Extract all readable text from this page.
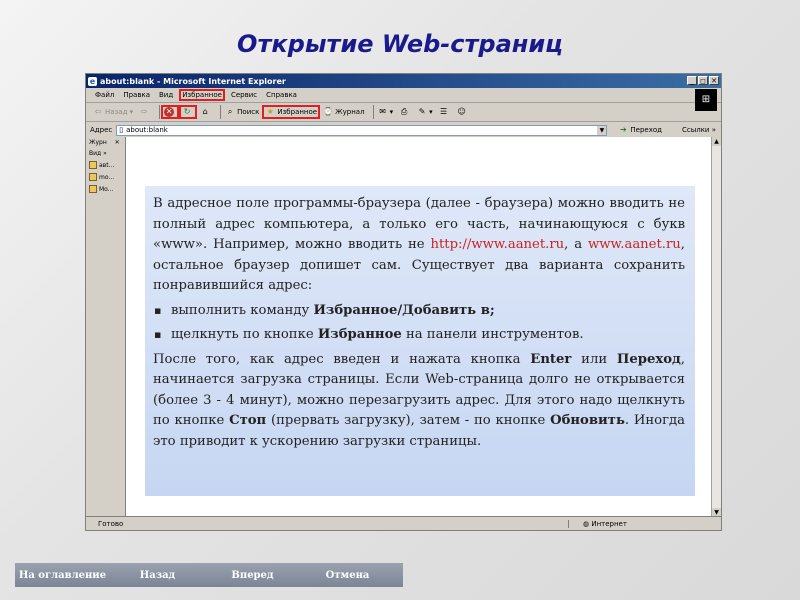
Открытие Web-страниц
e about:blank - Microsoft Internet Explorer	_ ◻ ✕
Файл Правка Вид Избранное Сервис Справка	⊞
⇦ Назад ▾ ⇨ ✕ ↻	⌂	⌕ Поиск ★ Избранное ⌚ Журнал ✉ ▾ ⎙ ✎ ▾ ☰ ☺
Адрес ▯ about:blank	▼ ➔ Переход	Ссылки »
Журн ✕
Вид »
aвt...
mo...
Mo...
▲
▼
Готово	◍ Интернет

В адресное поле программы-браузера (далее - браузера) можно вводить не полный адрес компьютера, а только его часть, начинающуюся с букв «www». Например, можно вводить не http://www.aanet.ru, а www.aanet.ru, остальное браузер допишет сам. Существует два варианта сохранить понравившийся адрес:

▪ выполнить команду Избранное/Добавить в;
▪ щелкнуть по кнопке Избранное на панели инструментов.

После того, как адрес введен и нажата кнопка Enter или Переход, начинается загрузка страницы. Если Web-страница долго не открывается (более 3 - 4 минут), можно перезагрузить адрес. Для этого надо щелкнуть по кнопке Стоп (прервать загрузку), затем - по кнопке Обновить. Иногда это приводит к ускорению загрузки страницы.

На оглавление	Назад	Вперед	Отмена
